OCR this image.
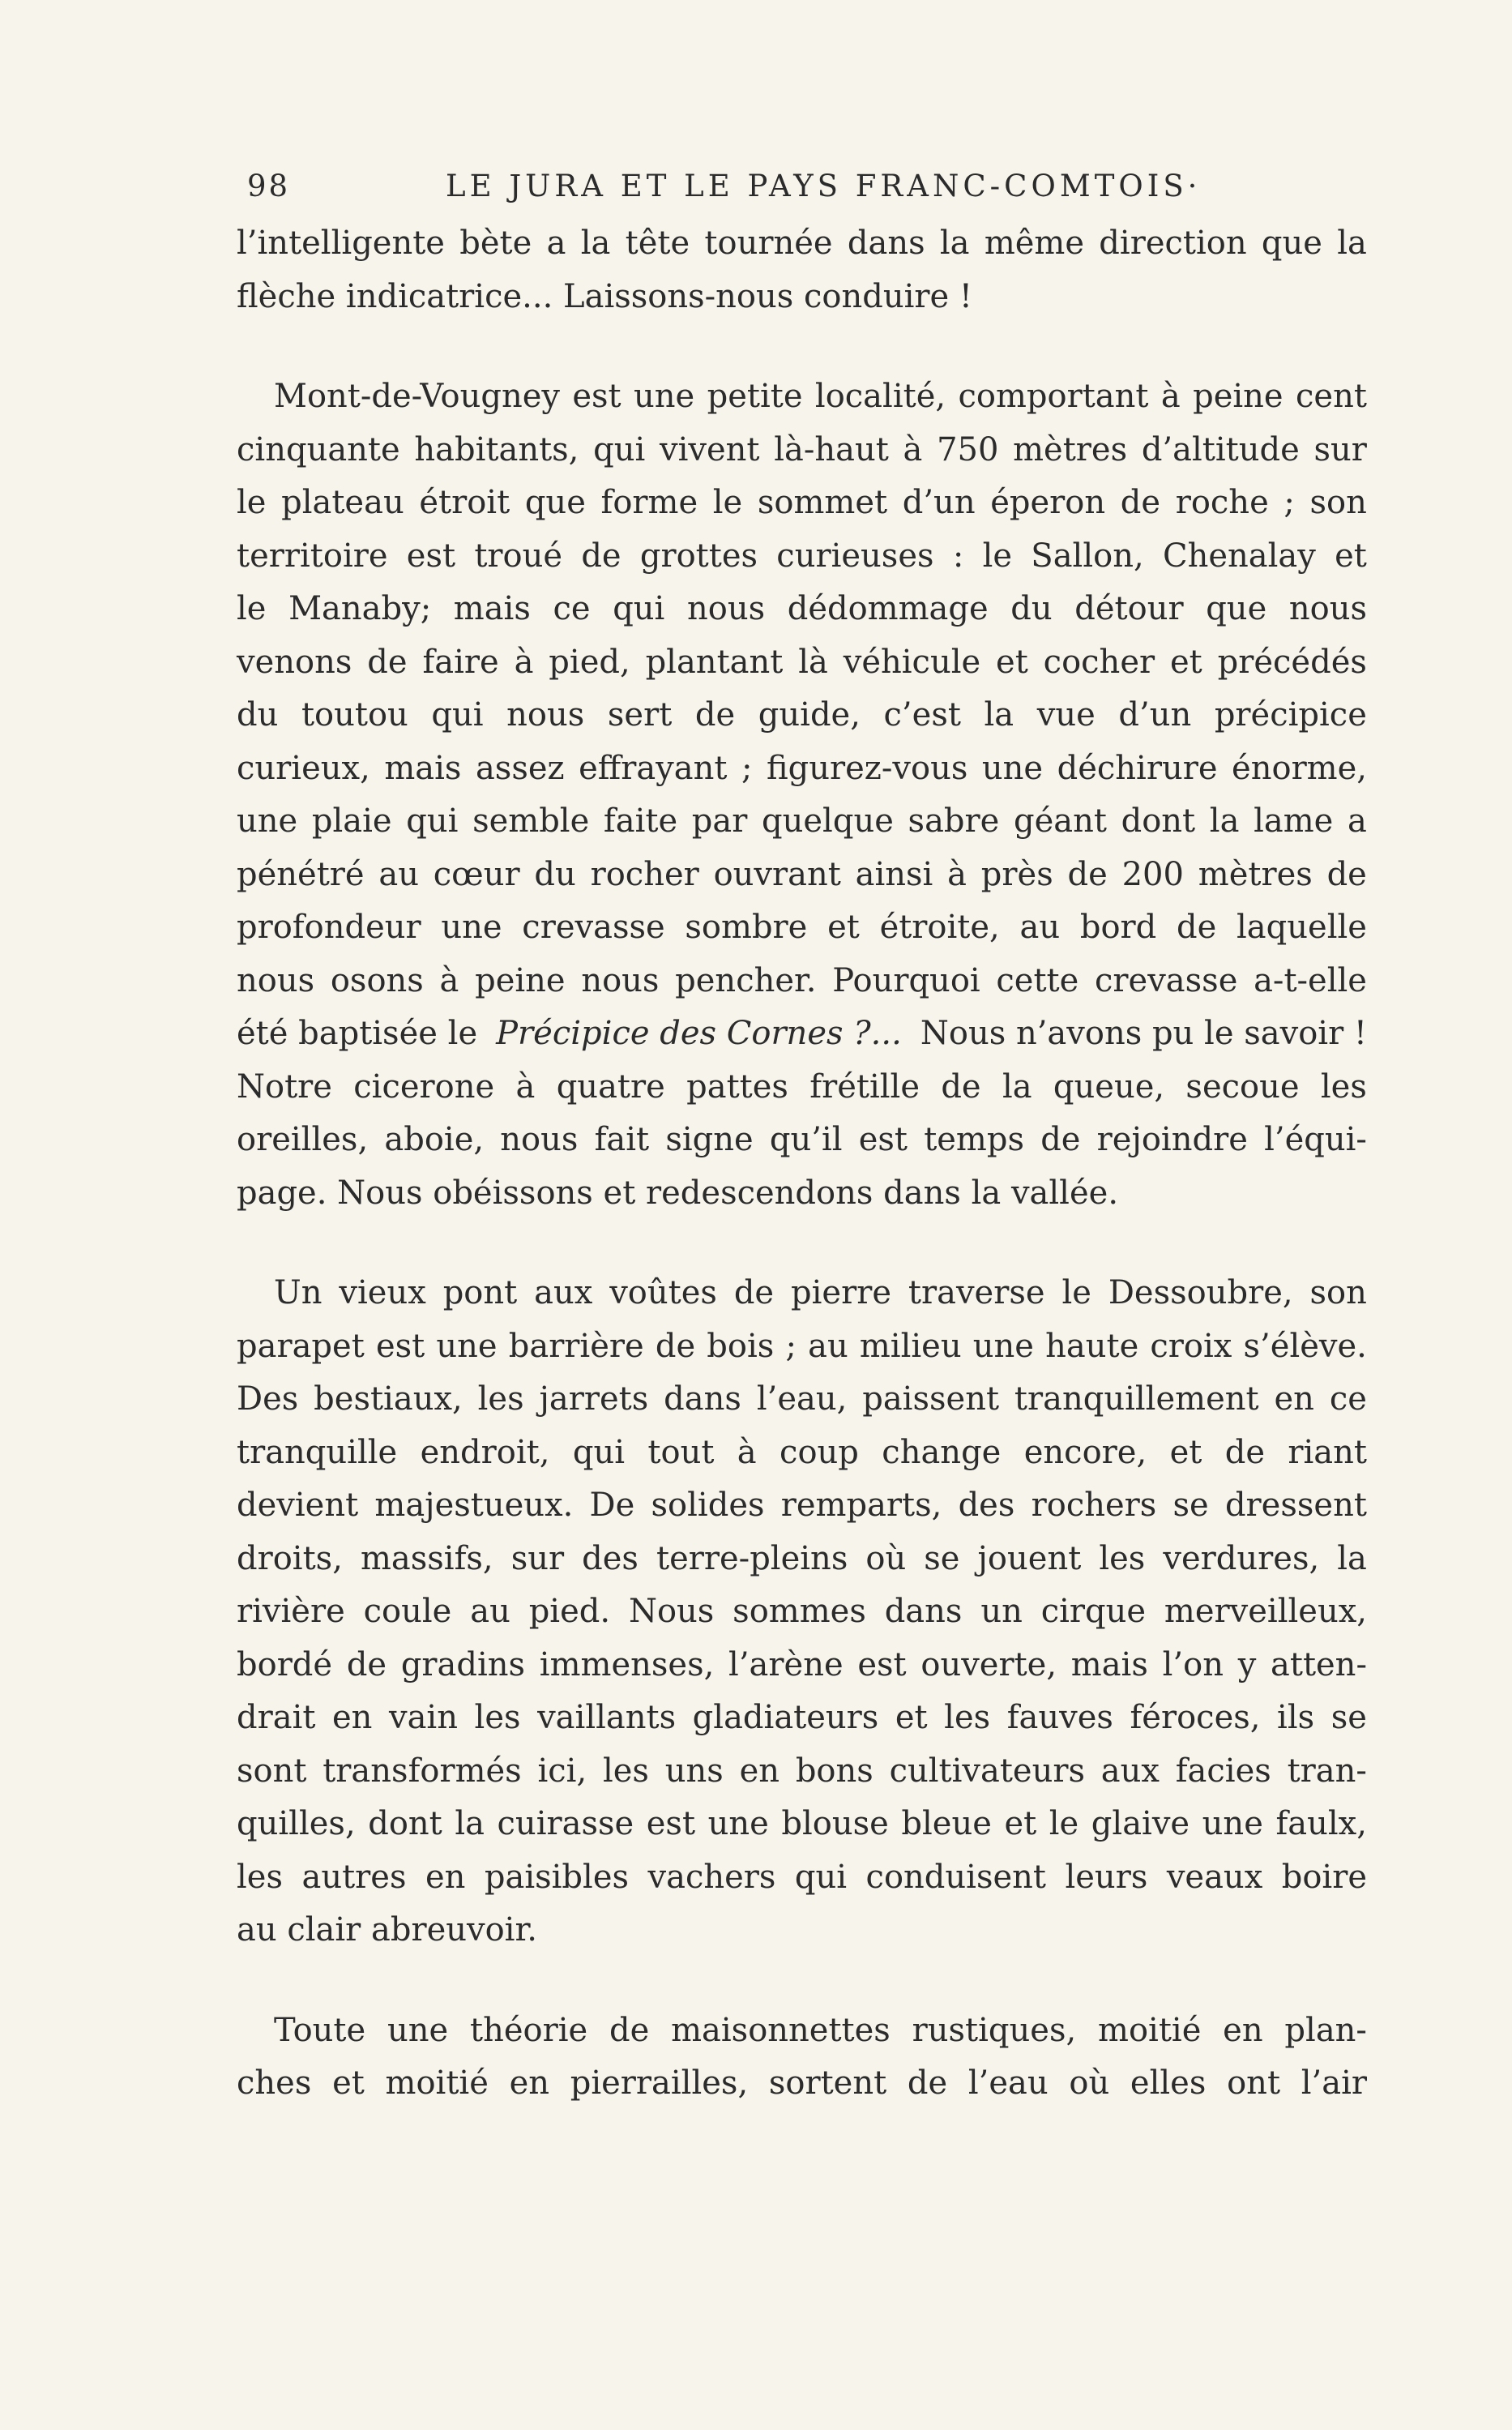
98	LE JURA ET LE PAYS FRANC-COMTOIS·
l’intelligente bète a la tête tournée dans la même direction que la
flèche indicatrice... Laissons-nous conduire !
Mont-de-Vougney est une petite localité, comportant à peine cent
cinquante habitants, qui vivent là-haut à 750 mètres d’altitude sur
le plateau étroit que forme le sommet d’un éperon de roche ; son
territoire est troué de grottes curieuses : le Sallon, Chenalay et
le Manaby; mais ce qui nous dédommage du détour que nous
venons de faire à pied, plantant là véhicule et cocher et précédés
du toutou qui nous sert de guide, c’est la vue d’un précipice
curieux, mais assez effrayant ; figurez-vous une déchirure énorme,
une plaie qui semble faite par quelque sabre géant dont la lame a
pénétré au cœur du rocher ouvrant ainsi à près de 200 mètres de
profondeur une crevasse sombre et étroite, au bord de laquelle
nous osons à peine nous pencher. Pourquoi cette crevasse a-t-elle
été baptisée le Précipice des Cornes ?... Nous n’avons pu le savoir !
Notre cicerone à quatre pattes frétille de la queue, secoue les
oreilles, aboie, nous fait signe qu’il est temps de rejoindre l’équi-
page. Nous obéissons et redescendons dans la vallée.
Un vieux pont aux voûtes de pierre traverse le Dessoubre, son
parapet est une barrière de bois ; au milieu une haute croix s’élève.
Des bestiaux, les jarrets dans l’eau, paissent tranquillement en ce
tranquille endroit, qui tout à coup change encore, et de riant
devient majestueux. De solides remparts, des rochers se dressent
droits, massifs, sur des terre-pleins où se jouent les verdures, la
rivière coule au pied. Nous sommes dans un cirque merveilleux,
bordé de gradins immenses, l’arène est ouverte, mais l’on y atten-
drait en vain les vaillants gladiateurs et les fauves féroces, ils se
sont transformés ici, les uns en bons cultivateurs aux facies tran-
quilles, dont la cuirasse est une blouse bleue et le glaive une faulx,
les autres en paisibles vachers qui conduisent leurs veaux boire
au clair abreuvoir.
Toute une théorie de maisonnettes rustiques, moitié en plan-
ches et moitié en pierrailles, sortent de l’eau où elles ont l’air
